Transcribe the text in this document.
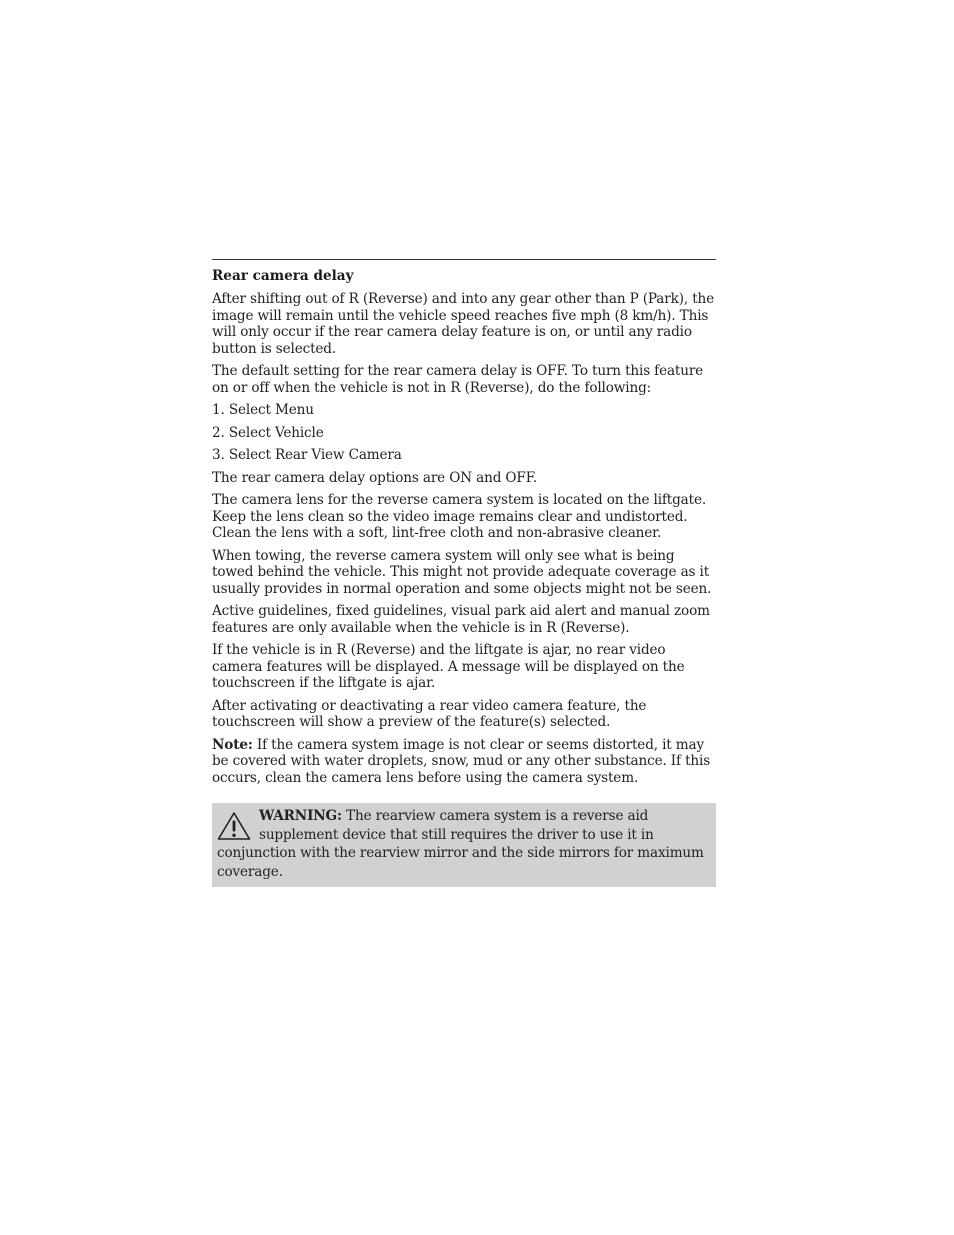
Rear camera delay

After shifting out of R (Reverse) and into any gear other than P (Park), the image will remain until the vehicle speed reaches five mph (8 km/h). This will only occur if the rear camera delay feature is on, or until any radio button is selected.

The default setting for the rear camera delay is OFF. To turn this feature on or off when the vehicle is not in R (Reverse), do the following:

1. Select Menu

2. Select Vehicle

3. Select Rear View Camera

The rear camera delay options are ON and OFF.

The camera lens for the reverse camera system is located on the liftgate. Keep the lens clean so the video image remains clear and undistorted. Clean the lens with a soft, lint-free cloth and non-abrasive cleaner.

When towing, the reverse camera system will only see what is being towed behind the vehicle. This might not provide adequate coverage as it usually provides in normal operation and some objects might not be seen.

Active guidelines, fixed guidelines, visual park aid alert and manual zoom features are only available when the vehicle is in R (Reverse).

If the vehicle is in R (Reverse) and the liftgate is ajar, no rear video camera features will be displayed. A message will be displayed on the touchscreen if the liftgate is ajar.

After activating or deactivating a rear video camera feature, the touchscreen will show a preview of the feature(s) selected.

Note: If the camera system image is not clear or seems distorted, it may be covered with water droplets, snow, mud or any other substance. If this occurs, clean the camera lens before using the camera system.

WARNING: The rearview camera system is a reverse aid supplement device that still requires the driver to use it in conjunction with the rearview mirror and the side mirrors for maximum coverage.
